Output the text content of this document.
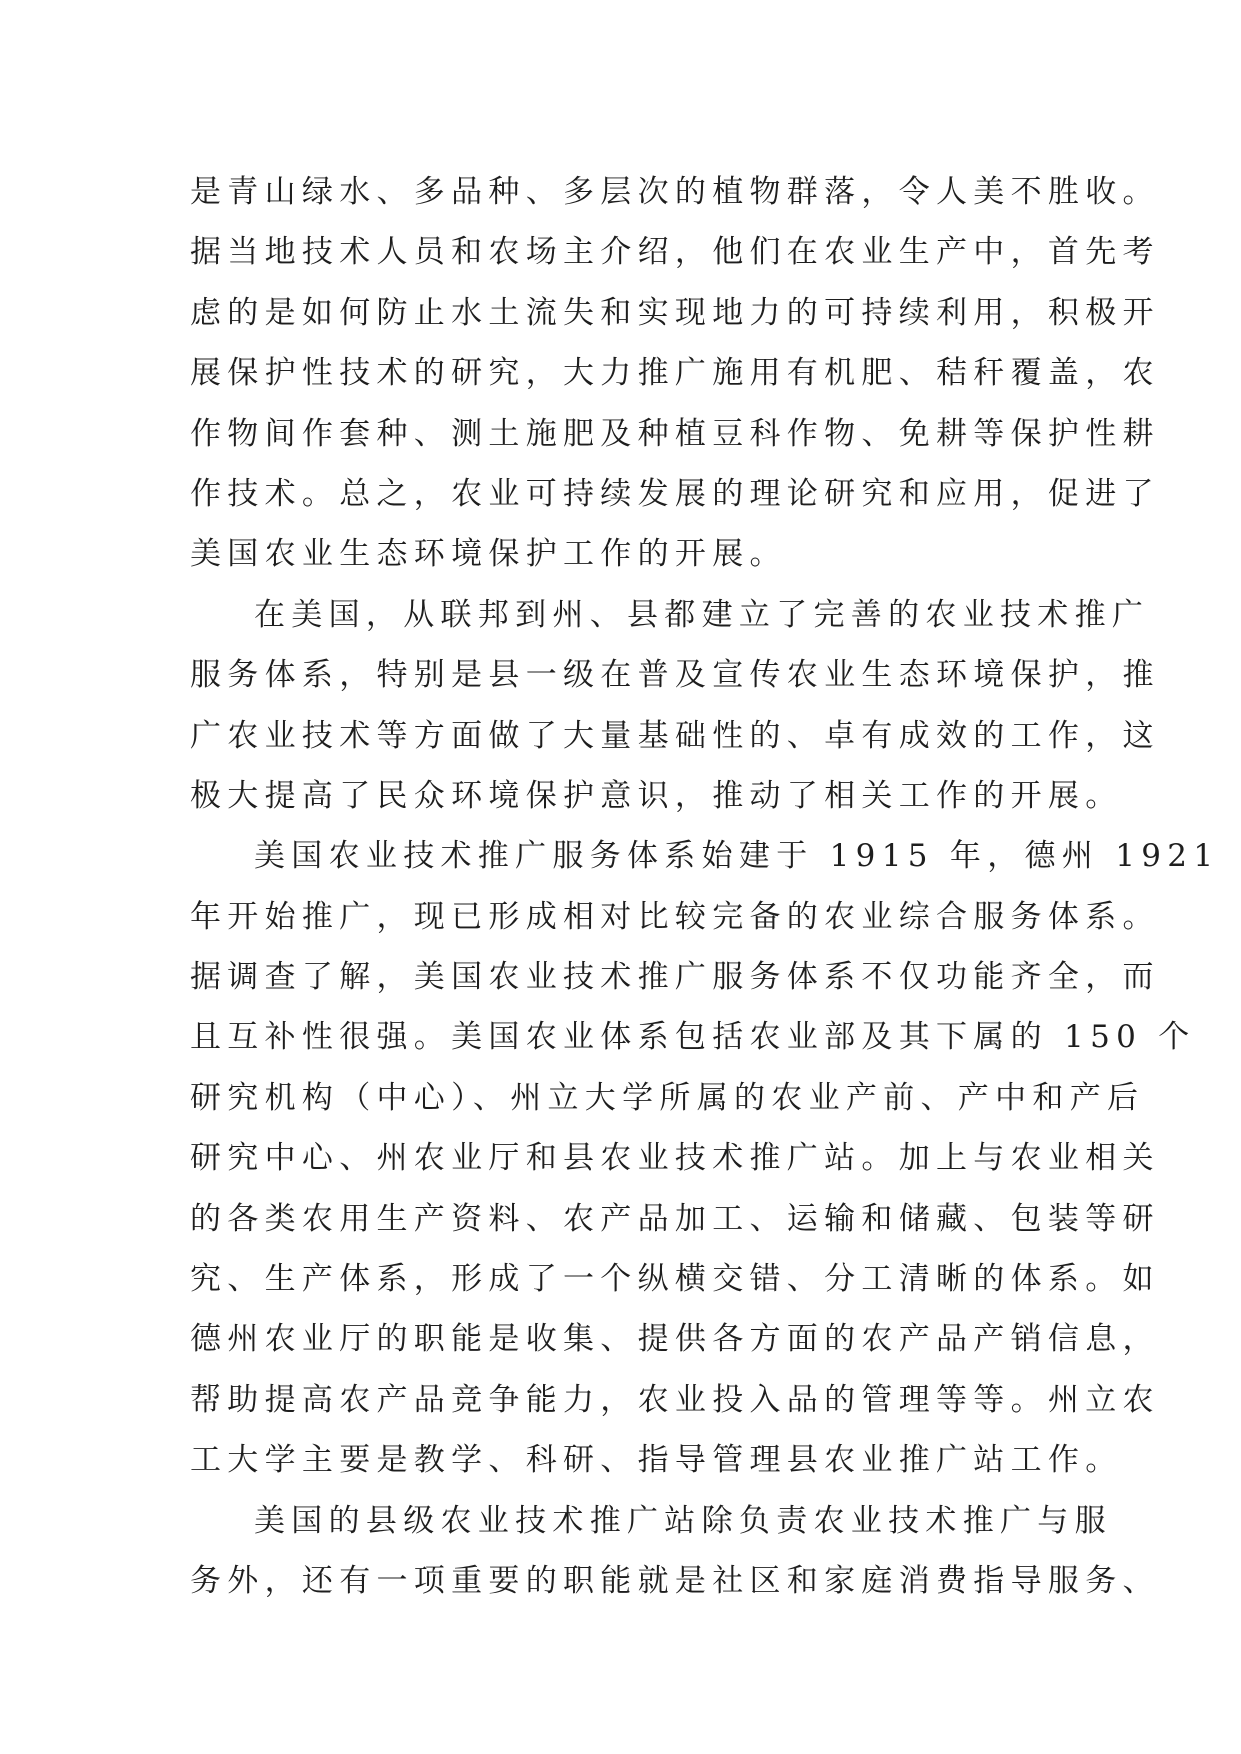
是青山绿水、多品种、多层次的植物群落，令人美不胜收。
据当地技术人员和农场主介绍，他们在农业生产中，首先考
虑的是如何防止水土流失和实现地力的可持续利用，积极开
展保护性技术的研究，大力推广施用有机肥、秸秆覆盖，农
作物间作套种、测土施肥及种植豆科作物、免耕等保护性耕
作技术。总之，农业可持续发展的理论研究和应用，促进了
美国农业生态环境保护工作的开展。
在美国，从联邦到州、县都建立了完善的农业技术推广
服务体系，特别是县一级在普及宣传农业生态环境保护，推
广农业技术等方面做了大量基础性的、卓有成效的工作，这
极大提高了民众环境保护意识，推动了相关工作的开展。
美国农业技术推广服务体系始建于 1915 年，德州 1921
年开始推广，现已形成相对比较完备的农业综合服务体系。
据调查了解，美国农业技术推广服务体系不仅功能齐全，而
且互补性很强。美国农业体系包括农业部及其下属的 150 个
研究机构（中心）、州立大学所属的农业产前、产中和产后
研究中心、州农业厅和县农业技术推广站。加上与农业相关
的各类农用生产资料、农产品加工、运输和储藏、包装等研
究、生产体系，形成了一个纵横交错、分工清晰的体系。如
德州农业厅的职能是收集、提供各方面的农产品产销信息，
帮助提高农产品竞争能力，农业投入品的管理等等。州立农
工大学主要是教学、科研、指导管理县农业推广站工作。
美国的县级农业技术推广站除负责农业技术推广与服
务外，还有一项重要的职能就是社区和家庭消费指导服务、
